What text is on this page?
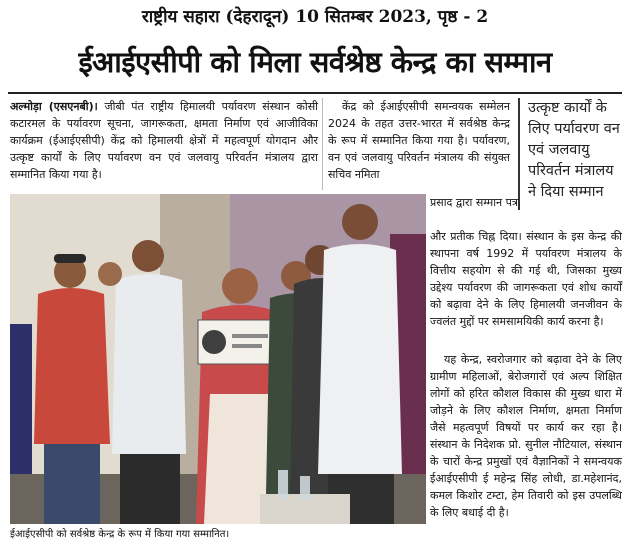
राष्ट्रीय सहारा (देहरादून) 10 सितम्बर 2023, पृष्ठ - 2
ईआईएसीपी को मिला सर्वश्रेष्ठ केन्द्र का सम्मान
अल्मोड़ा (एसएनबी)। जीबी पंत राष्ट्रीय हिमालयी पर्यावरण संस्थान कोसी कटारमल के पर्यावरण सूचना, जागरूकता, क्षमता निर्माण एवं आजीविका कार्यक्रम (ईआईएसीपी) केंद्र को हिमालयी क्षेत्रों में महत्वपूर्ण योगदान और उत्कृष्ट कार्यों के लिए पर्यावरण वन एवं जलवायु परिवर्तन मंत्रालय द्वारा सम्मानित किया गया है।
केंद्र को ईआईएसीपी समन्वयक सम्मेलन 2024 के तहत उत्तर-भारत में सर्वश्रेष्ठ केन्द्र के रूप में सम्मानित किया गया है। पर्यावरण, वन एवं जलवायु परिवर्तन मंत्रालय की संयुक्त सचिव नमिता
उत्कृष्ट कार्यों के लिए पर्यावरण वन एवं जलवायु परिवर्तन मंत्रालय ने दिया सम्मान
प्रसाद द्वारा सम्मान पत्र
और प्रतीक चिह्न दिया। संस्थान के इस केन्द्र की स्थापना वर्ष 1992 में पर्यावरण मंत्रालय के वित्तीय सहयोग से की गई थी, जिसका मुख्य उद्देश्य पर्यावरण की जागरूकता एवं शोध कार्यों को बढ़ावा देने के लिए हिमालयी जनजीवन के ज्वलंत मुद्दों पर समसामयिकी कार्य करना है।
यह केन्द्र, स्वरोजगार को बढ़ावा देने के लिए ग्रामीण महिलाओं, बेरोजगारों एवं अल्प शिक्षित लोगों को हरित कौशल विकास की मुख्य धारा में जोड़ने के लिए कौशल निर्माण, क्षमता निर्माण जैसे महत्वपूर्ण विषयों पर कार्य कर रहा है। संस्थान के निदेशक प्रो. सुनील नौटियाल, संस्थान के चारों केन्द्र प्रमुखों एवं वैज्ञानिकों ने समन्वयक ईआईएसीपी ई महेन्द्र सिंह लोधी, डा.महेशानंद, कमल किशोर टम्टा, हेम तिवारी को इस उपलब्धि के लिए बधाई दी है।
ईआईएसीपी को सर्वश्रेष्ठ केन्द्र के रूप में किया गया सम्मानित।
